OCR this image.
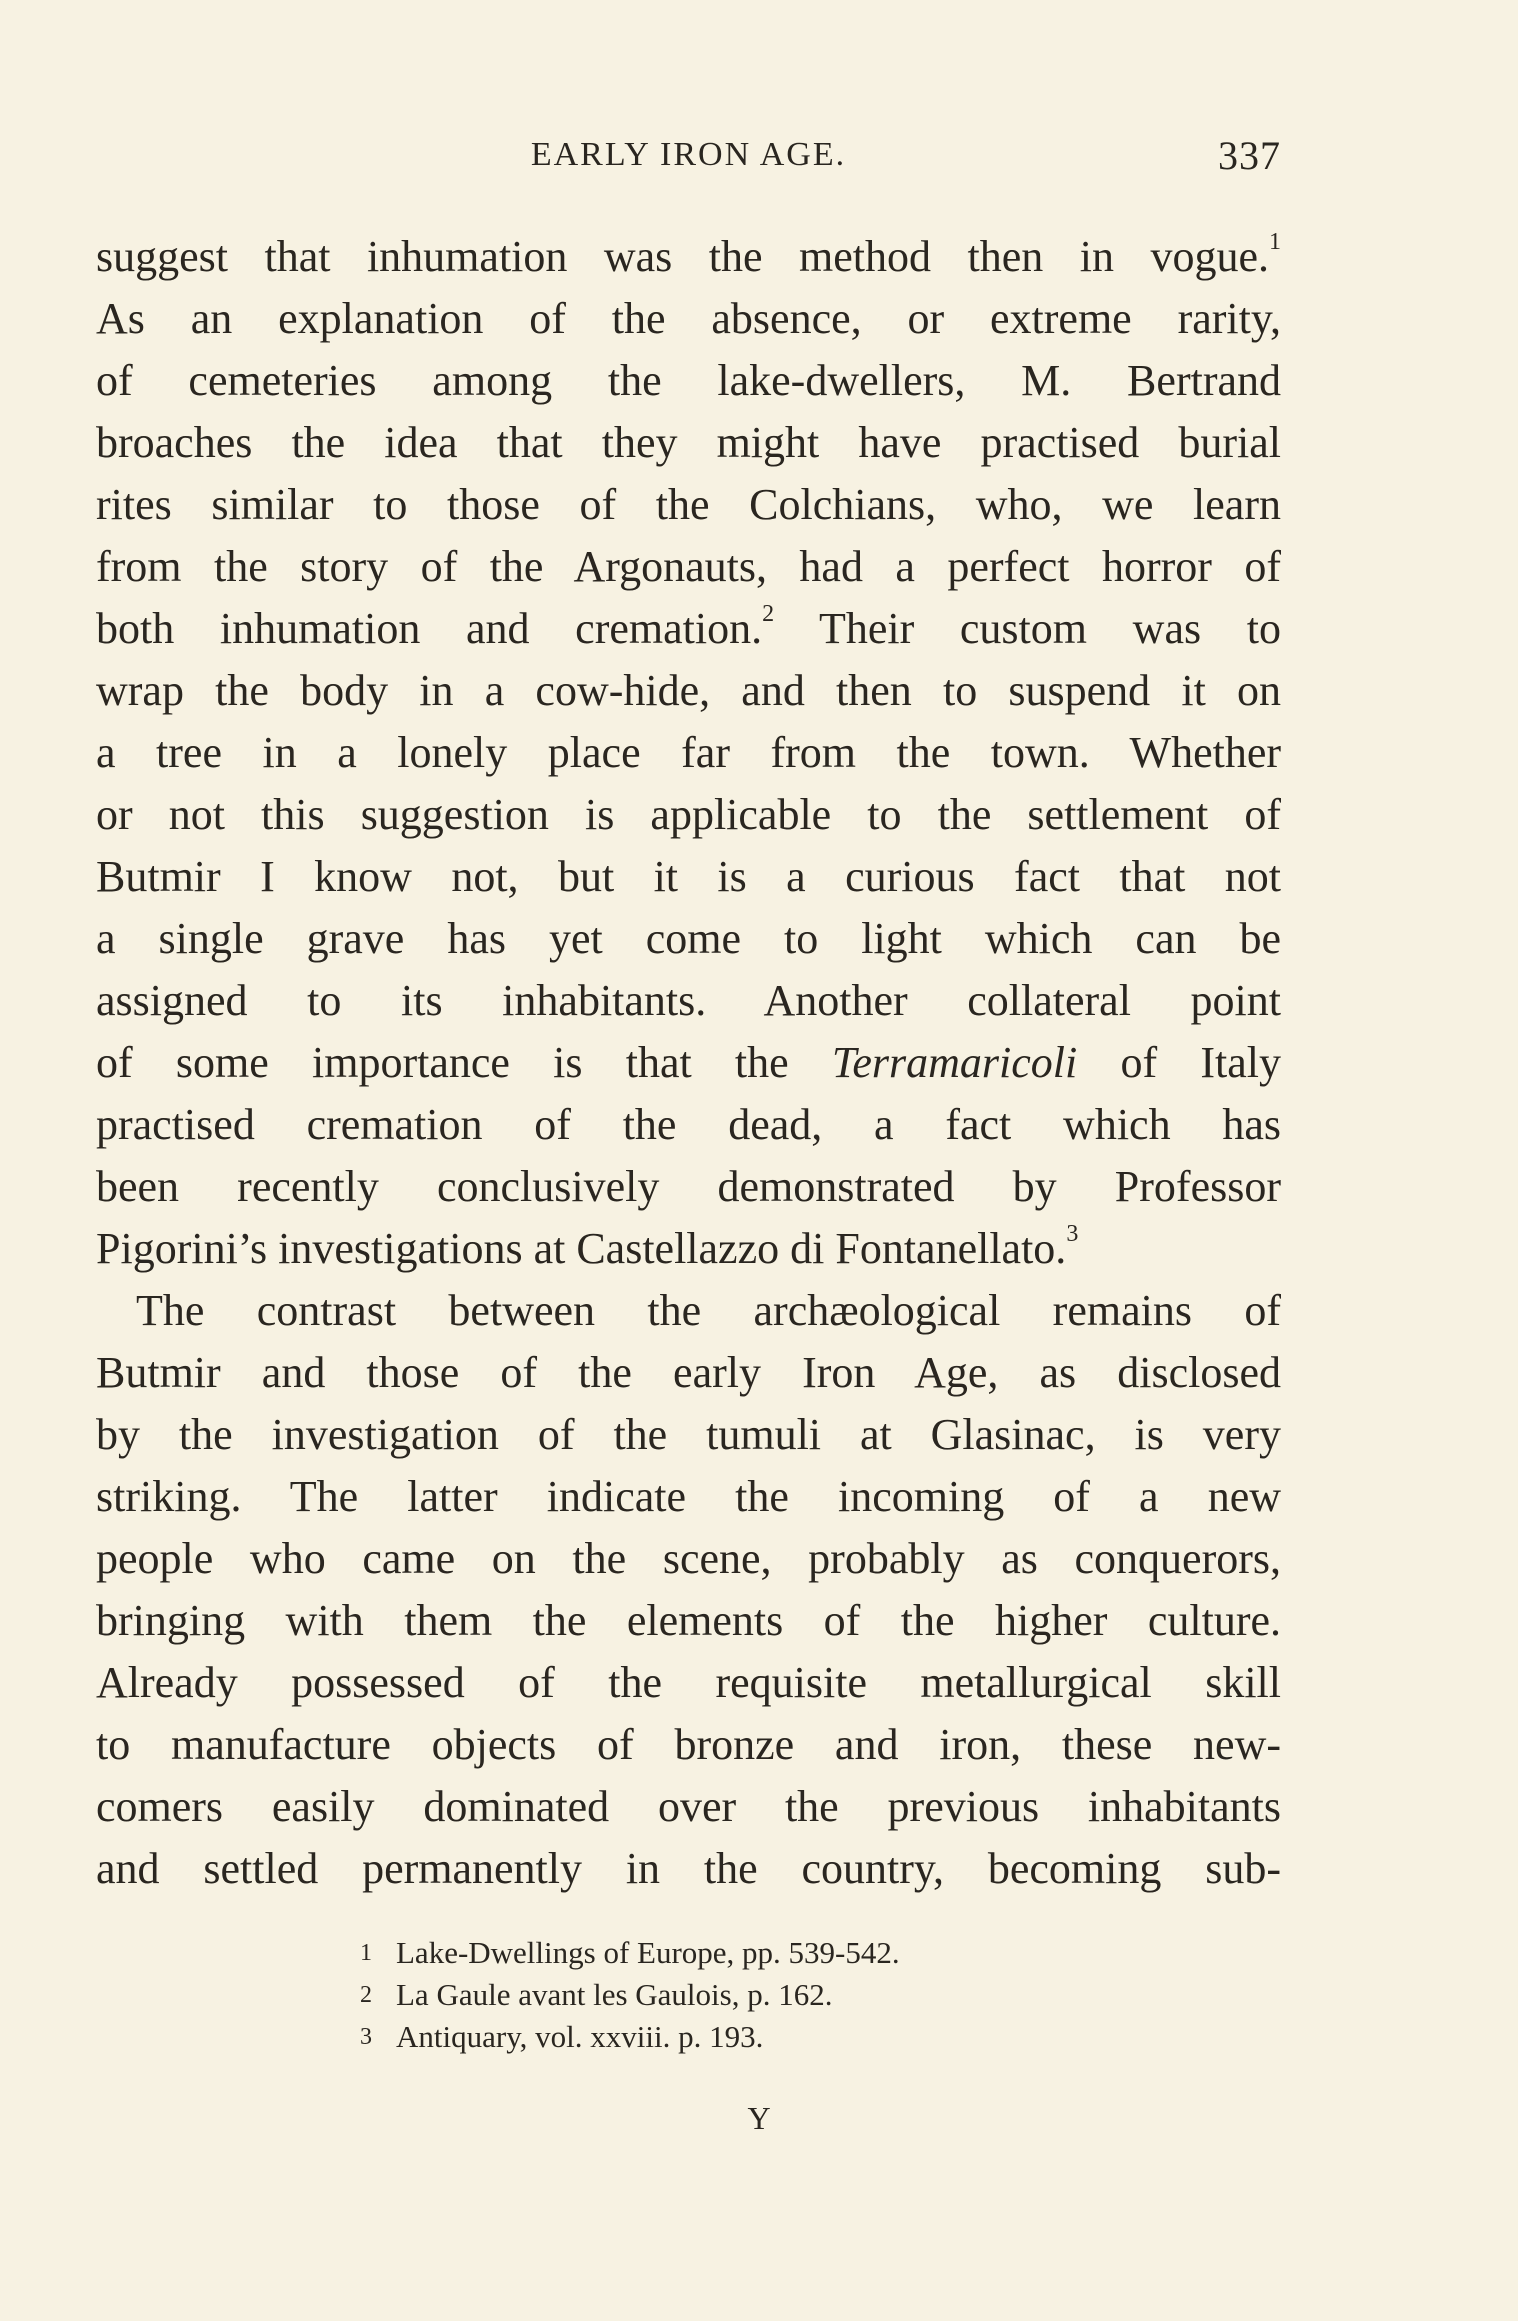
EARLY IRON AGE.	337
suggest that inhumation was the method then in vogue.$^1$
As an explanation of the absence, or extreme rarity,
of cemeteries among the lake-dwellers, M. Bertrand
broaches the idea that they might have practised burial
rites similar to those of the Colchians, who, we learn
from the story of the Argonauts, had a perfect horror of
both inhumation and cremation.$^2$ Their custom was to
wrap the body in a cow-hide, and then to suspend it on
a tree in a lonely place far from the town. Whether
or not this suggestion is applicable to the settlement of
Butmir I know not, but it is a curious fact that not
a single grave has yet come to light which can be
assigned to its inhabitants. Another collateral point
of some importance is that the Terramaricoli of Italy
practised cremation of the dead, a fact which has
been recently conclusively demonstrated by Professor
Pigorini’s investigations at Castellazzo di Fontanellato.$^3$
The contrast between the archæological remains of
Butmir and those of the early Iron Age, as disclosed
by the investigation of the tumuli at Glasinac, is very
striking. The latter indicate the incoming of a new
people who came on the scene, probably as conquerors,
bringing with them the elements of the higher culture.
Already possessed of the requisite metallurgical skill
to manufacture objects of bronze and iron, these new-
comers easily dominated over the previous inhabitants
and settled permanently in the country, becoming sub-
1 Lake-Dwellings of Europe, pp. 539-542.
2 La Gaule avant les Gaulois, p. 162.
3 Antiquary, vol. xxviii. p. 193.
Y
